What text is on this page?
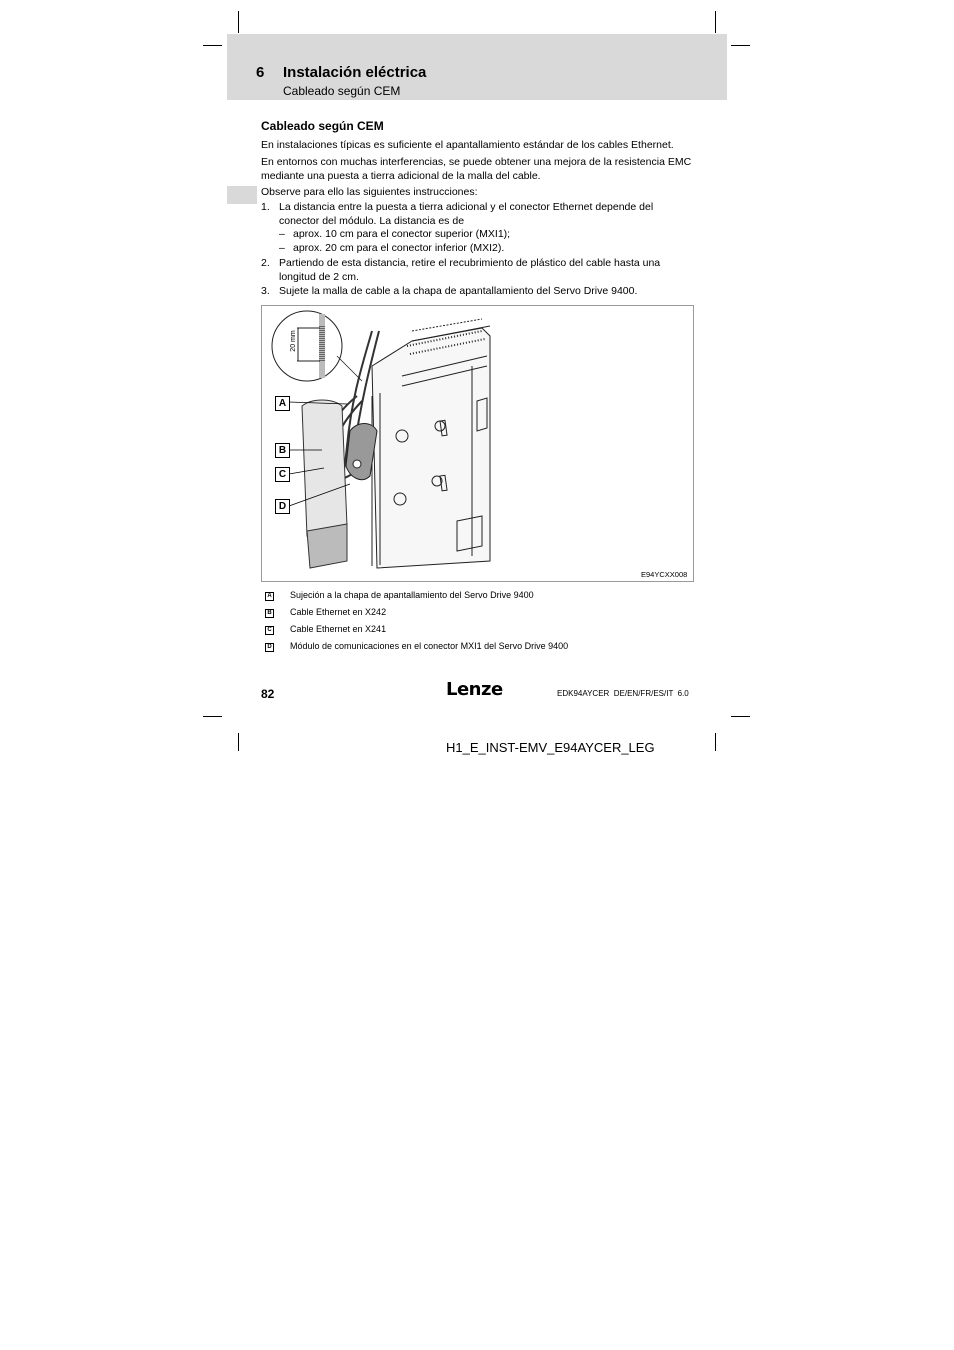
6 Instalación eléctrica
Cableado según CEM
Cableado según CEM
En instalaciones típicas es suficiente el apantallamiento estándar de los cables Ethernet.
En entornos con muchas interferencias, se puede obtener una mejora de la resistencia EMC mediante una puesta a tierra adicional de la malla del cable.
Observe para ello las siguientes instrucciones:
1. La distancia entre la puesta a tierra adicional y el conector Ethernet depende del conector del módulo. La distancia es de
– aprox. 10 cm para el conector superior (MXI1);
– aprox. 20 cm para el conector inferior (MXI2).
2. Partiendo de esta distancia, retire el recubrimiento de plástico del cable hasta una longitud de 2 cm.
3. Sujete la malla de cable a la chapa de apantallamiento del Servo Drive 9400.
20 mm
A
B
C
D
E94YCXX008
A Sujeción a la chapa de apantallamiento del Servo Drive 9400
B Cable Ethernet en X242
C Cable Ethernet en X241
D Módulo de comunicaciones en el conector MXI1 del Servo Drive 9400
82	Lenze	EDK94AYCER  DE/EN/FR/ES/IT  6.0
H1_E_INST-EMV_E94AYCER_LEG
